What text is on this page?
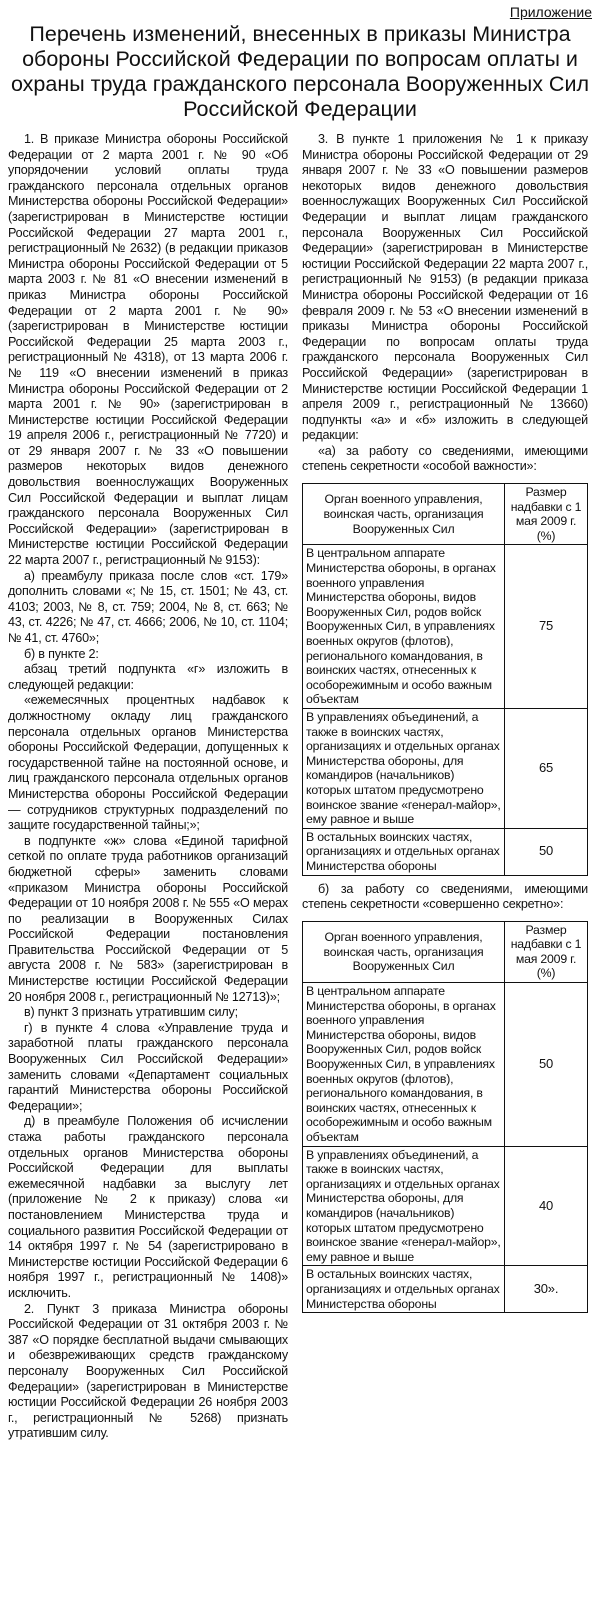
Приложение
Перечень изменений, внесенных в приказы Министра обороны Российской Федерации по вопросам оплаты и охраны труда гражданского персонала Вооруженных Сил Российской Федерации

1. В приказе Министра обороны Российской Федерации от 2 марта 2001 г. № 90 «Об упорядочении условий оплаты труда гражданского персонала отдельных органов Министерства обороны Российской Федерации» (зарегистрирован в Министерстве юстиции Российской Федерации 27 марта 2001 г., регистрационный № 2632) (в редакции приказов Министра обороны Российской Федерации от 5 марта 2003 г. № 81 «О внесении изменений в приказ Министра обороны Российской Федерации от 2 марта 2001 г. № 90» (зарегистрирован в Министерстве юстиции Российской Федерации 25 марта 2003 г., регистрационный № 4318), от 13 марта 2006 г. № 119 «О внесении изменений в приказ Министра обороны Российской Федерации от 2 марта 2001 г. № 90» (зарегистрирован в Министерстве юстиции Российской Федерации 19 апреля 2006 г., регистрационный № 7720) и от 29 января 2007 г. № 33 «О повышении размеров некоторых видов денежного довольствия военнослужащих Вооруженных Сил Российской Федерации и выплат лицам гражданского персонала Вооруженных Сил Российской Федерации» (зарегистрирован в Министерстве юстиции Российской Федерации 22 марта 2007 г., регистрационный № 9153):

а) преамбулу приказа после слов «ст. 179» дополнить словами «; № 15, ст. 1501; № 43, ст. 4103; 2003, № 8, ст. 759; 2004, № 8, ст. 663; № 43, ст. 4226; № 47, ст. 4666; 2006, № 10, ст. 1104; № 41, ст. 4760»;

б) в пункте 2:

абзац третий подпункта «г» изложить в следующей редакции:

«ежемесячных процентных надбавок к должностному окладу лиц гражданского персонала отдельных органов Министерства обороны Российской Федерации, допущенных к государственной тайне на постоянной основе, и лиц гражданского персонала отдельных органов Министерства обороны Российской Федерации — сотрудников структурных подразделений по защите государственной тайны;»;

в подпункте «ж» слова «Единой тарифной сеткой по оплате труда работников организаций бюджетной сферы» заменить словами «приказом Министра обороны Российской Федерации от 10 ноября 2008 г. № 555 «О мерах по реализации в Вооруженных Силах Российской Федерации постановления Правительства Российской Федерации от 5 августа 2008 г. № 583» (зарегистрирован в Министерстве юстиции Российской Федерации 20 ноября 2008 г., регистрационный № 12713)»;

в) пункт 3 признать утратившим силу;

г) в пункте 4 слова «Управление труда и заработной платы гражданского персонала Вооруженных Сил Российской Федерации» заменить словами «Департамент социальных гарантий Министерства обороны Российской Федерации»;

д) в преамбуле Положения об исчислении стажа работы гражданского персонала отдельных органов Министерства обороны Российской Федерации для выплаты ежемесячной надбавки за выслугу лет (приложение № 2 к приказу) слова «и постановлением Министерства труда и социального развития Российской Федерации от 14 октября 1997 г. № 54 (зарегистрировано в Министерстве юстиции Российской Федерации 6 ноября 1997 г., регистрационный № 1408)» исключить.

2. Пункт 3 приказа Министра обороны Российской Федерации от 31 октября 2003 г. № 387 «О порядке бесплатной выдачи смывающих и обезвреживающих средств гражданскому персоналу Вооруженных Сил Российской Федерации» (зарегистрирован в Министерстве юстиции Российской Федерации 26 ноября 2003 г., регистрационный № 5268) признать утратившим силу.

3. В пункте 1 приложения № 1 к приказу Министра обороны Российской Федерации от 29 января 2007 г. № 33 «О повышении размеров некоторых видов денежного довольствия военнослужащих Вооруженных Сил Российской Федерации и выплат лицам гражданского персонала Вооруженных Сил Российской Федерации» (зарегистрирован в Министерстве юстиции Российской Федерации 22 марта 2007 г., регистрационный № 9153) (в редакции приказа Министра обороны Российской Федерации от 16 февраля 2009 г. № 53 «О внесении изменений в приказы Министра обороны Российской Федерации по вопросам оплаты труда гражданского персонала Вооруженных Сил Российской Федерации» (зарегистрирован в Министерстве юстиции Российской Федерации 1 апреля 2009 г., регистрационный № 13660) подпункты «а» и «б» изложить в следующей редакции:

«а) за работу со сведениями, имеющими степень секретности «особой важности»:

Орган военного управления, воинская часть, организация Вооруженных Сил	Размер надбавки с 1 мая 2009 г. (%)
В центральном аппарате Министерства обороны, в органах военного управления Министерства обороны, видов Вооруженных Сил, родов войск Вооруженных Сил, в управлениях военных округов (флотов), регионального командования, в воинских частях, отнесенных к особорежимным и особо важным объектам	75
В управлениях объединений, а также в воинских частях, организациях и отдельных органах Министерства обороны, для командиров (начальников) которых штатом предусмотрено воинское звание «генерал-майор», ему равное и выше	65
В остальных воинских частях, организациях и отдельных органах Министерства обороны	50

б) за работу со сведениями, имеющими степень секретности «совершенно секретно»:

Орган военного управления, воинская часть, организация Вооруженных Сил	Размер надбавки с 1 мая 2009 г. (%)
В центральном аппарате Министерства обороны, в органах военного управления Министерства обороны, видов Вооруженных Сил, родов войск Вооруженных Сил, в управлениях военных округов (флотов), регионального командования, в воинских частях, отнесенных к особорежимным и особо важным объектам	50
В управлениях объединений, а также в воинских частях, организациях и отдельных органах Министерства обороны, для командиров (начальников) которых штатом предусмотрено воинское звание «генерал-майор», ему равное и выше	40
В остальных воинских частях, организациях и отдельных органах Министерства обороны	30».
